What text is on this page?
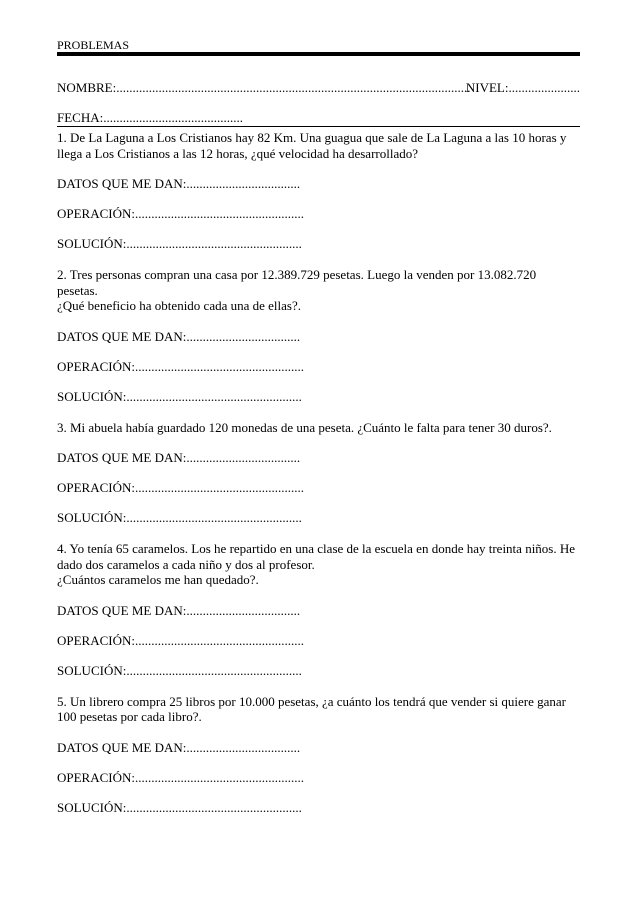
PROBLEMAS
NOMBRE:.............................................................................................................
NIVEL:......................
FECHA:...........................................
1. De La Laguna a Los Cristianos hay 82 Km. Una guagua que sale de La Laguna a las 10 horas y
llega a Los Cristianos a las 12 horas, ¿qué velocidad ha desarrollado?
DATOS QUE ME DAN:...................................
OPERACIÓN:....................................................
SOLUCIÓN:......................................................
2. Tres personas compran una casa por 12.389.729 pesetas. Luego la venden por 13.082.720 pesetas.
¿Qué beneficio ha obtenido cada una de ellas?.
DATOS QUE ME DAN:...................................
OPERACIÓN:....................................................
SOLUCIÓN:......................................................
3. Mi abuela había guardado 120 monedas de una peseta. ¿Cuánto le falta para tener 30 duros?.
DATOS QUE ME DAN:...................................
OPERACIÓN:....................................................
SOLUCIÓN:......................................................
4. Yo tenía 65 caramelos. Los he repartido en una clase de la escuela en donde hay treinta niños. He
dado dos caramelos a cada niño y dos al profesor.
¿Cuántos caramelos me han quedado?.
DATOS QUE ME DAN:...................................
OPERACIÓN:....................................................
SOLUCIÓN:......................................................
5. Un librero compra 25 libros por 10.000 pesetas, ¿a cuánto los tendrá que vender si quiere ganar
100 pesetas por cada libro?.
DATOS QUE ME DAN:...................................
OPERACIÓN:....................................................
SOLUCIÓN:......................................................
